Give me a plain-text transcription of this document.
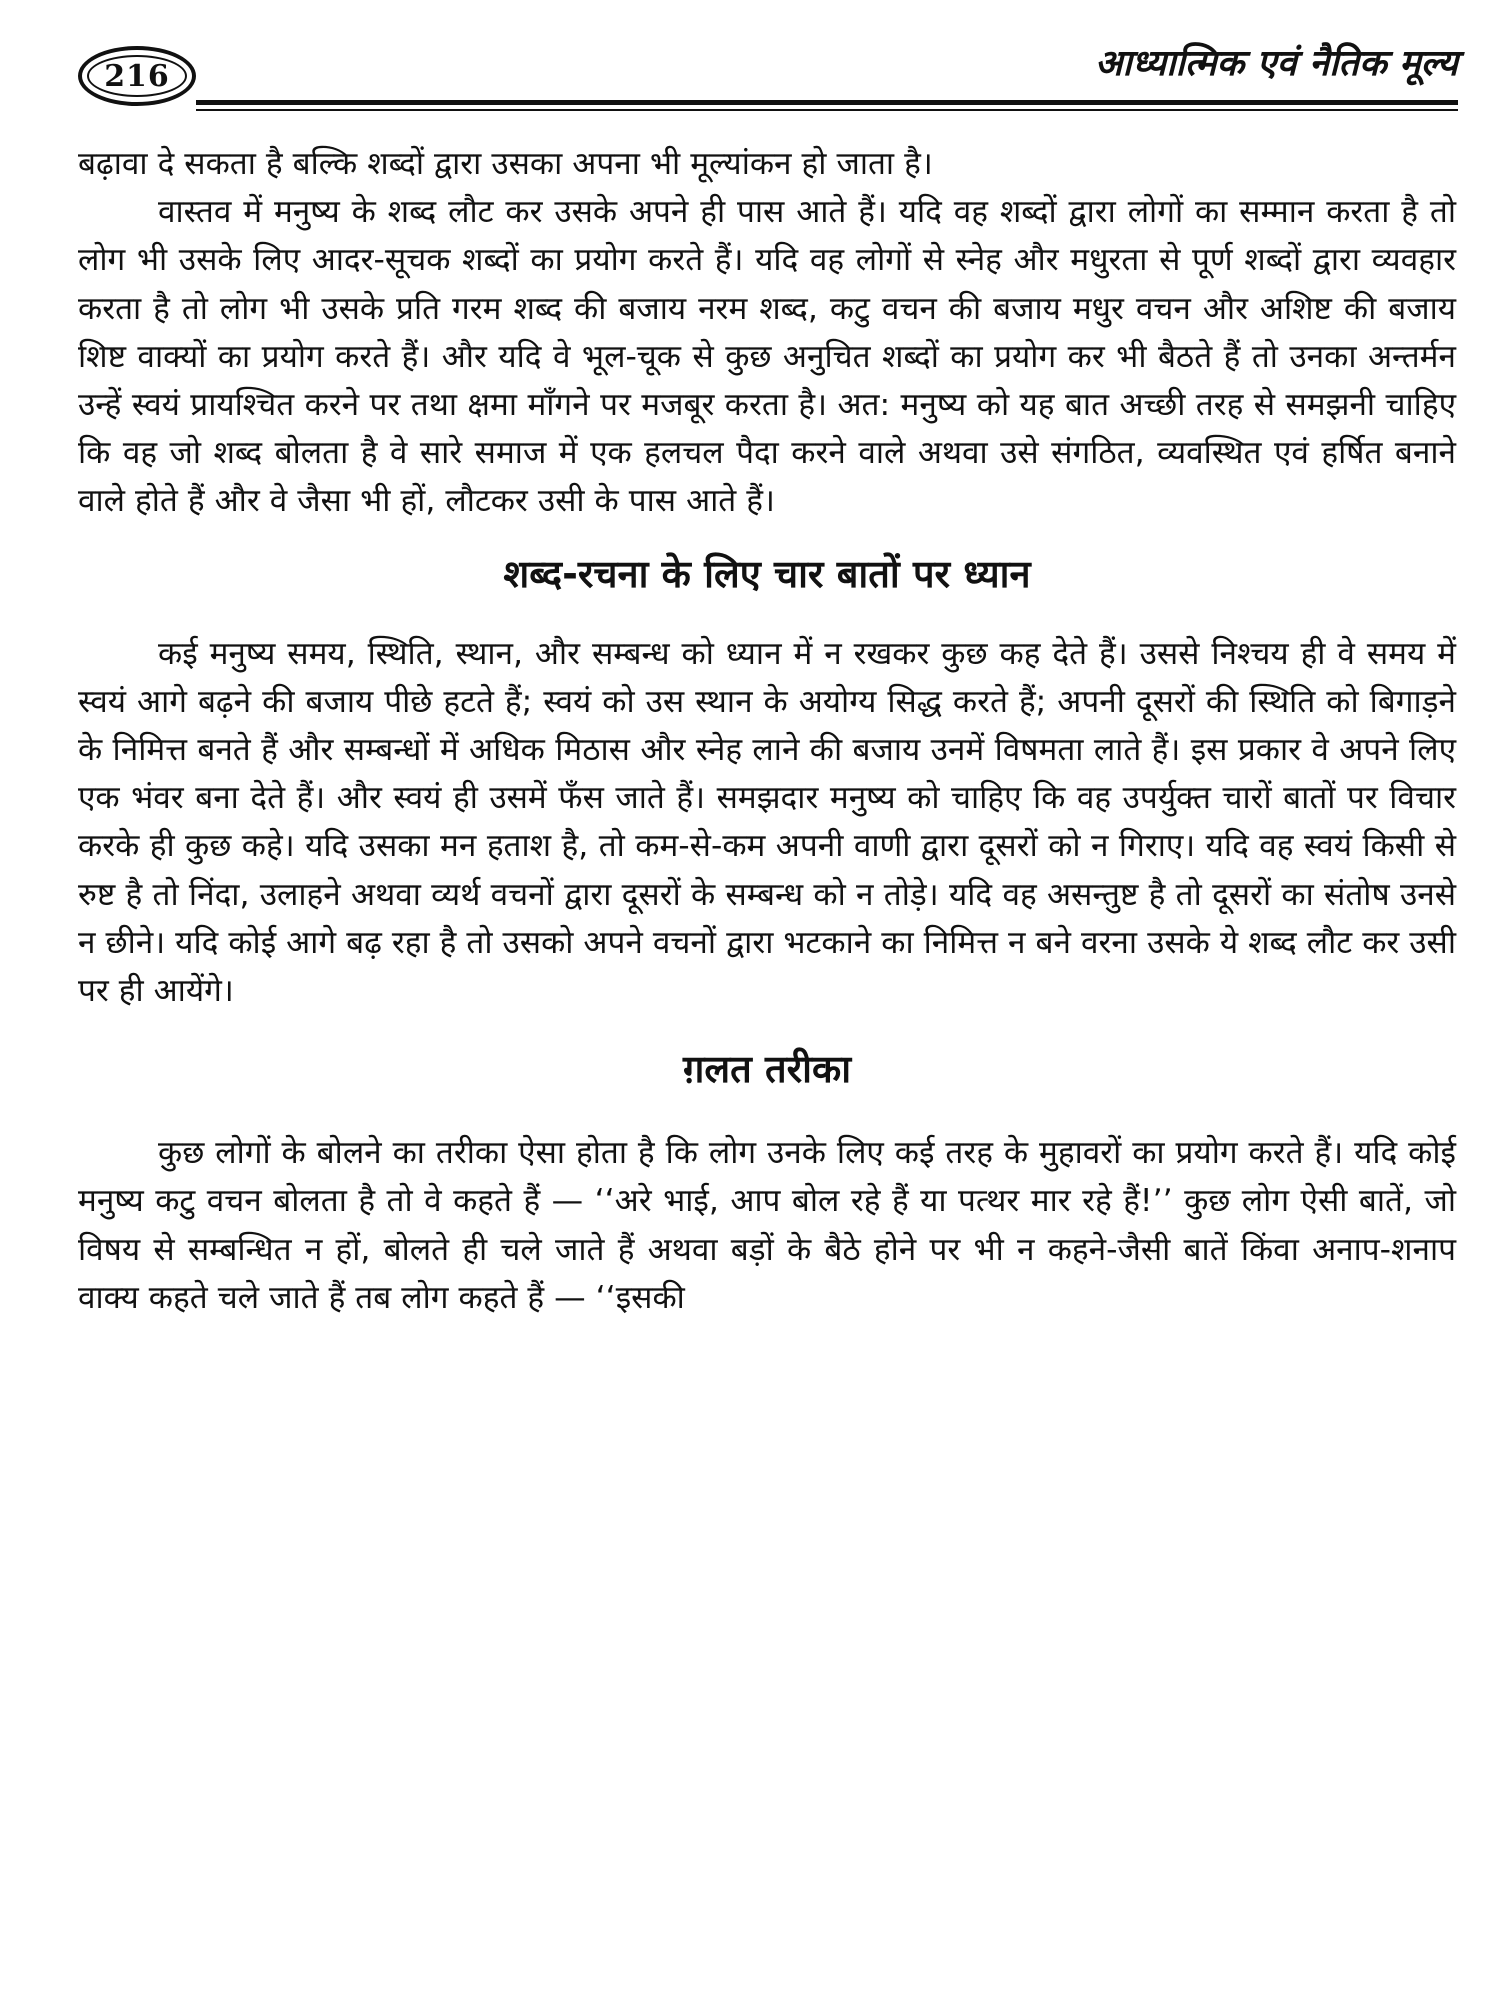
216	आध्यात्मिक एवं नैतिक मूल्य

बढ़ावा दे सकता है बल्कि शब्दों द्वारा उसका अपना भी मूल्यांकन हो जाता है।

वास्तव में मनुष्य के शब्द लौट कर उसके अपने ही पास आते हैं। यदि वह शब्दों द्वारा लोगों का सम्मान करता है तो लोग भी उसके लिए आदर-सूचक शब्दों का प्रयोग करते हैं। यदि वह लोगों से स्नेह और मधुरता से पूर्ण शब्दों द्वारा व्यवहार करता है तो लोग भी उसके प्रति गरम शब्द की बजाय नरम शब्द, कटु वचन की बजाय मधुर वचन और अशिष्ट की बजाय शिष्ट वाक्यों का प्रयोग करते हैं। और यदि वे भूल-चूक से कुछ अनुचित शब्दों का प्रयोग कर भी बैठते हैं तो उनका अन्तर्मन उन्हें स्वयं प्रायश्चित करने पर तथा क्षमा माँगने पर मजबूर करता है। अत: मनुष्य को यह बात अच्छी तरह से समझनी चाहिए कि वह जो शब्द बोलता है वे सारे समाज में एक हलचल पैदा करने वाले अथवा उसे संगठित, व्यवस्थित एवं हर्षित बनाने वाले होते हैं और वे जैसा भी हों, लौटकर उसी के पास आते हैं।

शब्द-रचना के लिए चार बातों पर ध्यान

कई मनुष्य समय, स्थिति, स्थान, और सम्बन्ध को ध्यान में न रखकर कुछ कह देते हैं। उससे निश्चय ही वे समय में स्वयं आगे बढ़ने की बजाय पीछे हटते हैं; स्वयं को उस स्थान के अयोग्य सिद्ध करते हैं; अपनी दूसरों की स्थिति को बिगाड़ने के निमित्त बनते हैं और सम्बन्धों में अधिक मिठास और स्नेह लाने की बजाय उनमें विषमता लाते हैं। इस प्रकार वे अपने लिए एक भंवर बना देते हैं। और स्वयं ही उसमें फँस जाते हैं। समझदार मनुष्य को चाहिए कि वह उपर्युक्त चारों बातों पर विचार करके ही कुछ कहे। यदि उसका मन हताश है, तो कम-से-कम अपनी वाणी द्वारा दूसरों को न गिराए। यदि वह स्वयं किसी से रुष्ट है तो निंदा, उलाहने अथवा व्यर्थ वचनों द्वारा दूसरों के सम्बन्ध को न तोड़े। यदि वह असन्तुष्ट है तो दूसरों का संतोष उनसे न छीने। यदि कोई आगे बढ़ रहा है तो उसको अपने वचनों द्वारा भटकाने का निमित्त न बने वरना उसके ये शब्द लौट कर उसी पर ही आयेंगे।

ग़लत तरीका

कुछ लोगों के बोलने का तरीका ऐसा होता है कि लोग उनके लिए कई तरह के मुहावरों का प्रयोग करते हैं। यदि कोई मनुष्य कटु वचन बोलता है तो वे कहते हैं — ‘‘अरे भाई, आप बोल रहे हैं या पत्थर मार रहे हैं!’’ कुछ लोग ऐसी बातें, जो विषय से सम्बन्धित न हों, बोलते ही चले जाते हैं अथवा बड़ों के बैठे होने पर भी न कहने-जैसी बातें किंवा अनाप-शनाप वाक्य कहते चले जाते हैं तब लोग कहते हैं — ‘‘इसकी
